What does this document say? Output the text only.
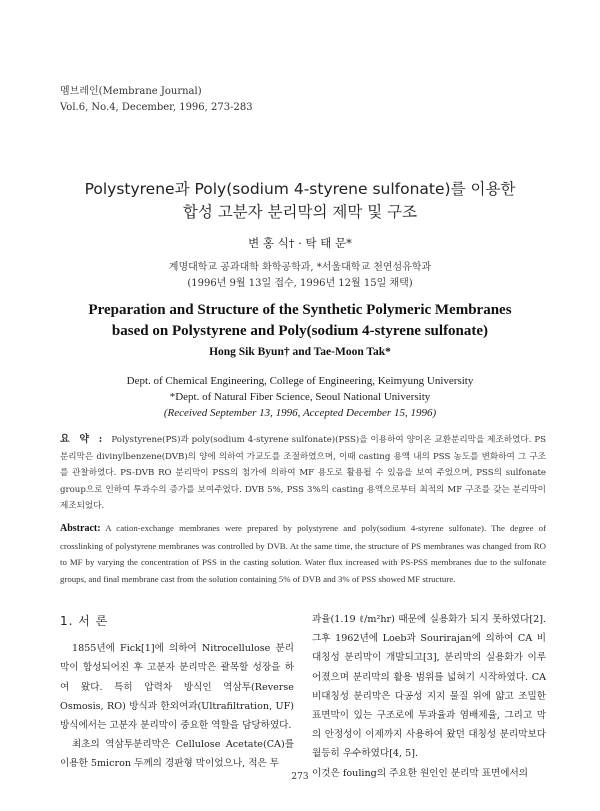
멤브레인(Membrane Journal)
Vol.6, No.4, December, 1996, 273-283
Polystyrene과 Poly(sodium 4-styrene sulfonate)를 이용한
합성 고분자 분리막의 제막 및 구조
변 홍 식† · 탁 태 문*
계명대학교 공과대학 화학공학과, *서울대학교 천연섬유학과
(1996년 9월 13일 접수, 1996년 12월 15일 채택)
Preparation and Structure of the Synthetic Polymeric Membranes
based on Polystyrene and Poly(sodium 4-styrene sulfonate)
Hong Sik Byun† and Tae-Moon Tak*
Dept. of Chemical Engineering, College of Engineering, Keimyung University
*Dept. of Natural Fiber Science, Seoul National University
(Received September 13, 1996, Accepted December 15, 1996)
요 약 : Polystyrene(PS)과 poly(sodium 4-styrene sulfonate)(PSS)을 이용하여 양이온 교환분리막을 제조하였다. PS 분리막은 divinylbenzene(DVB)의 양에 의하여 가교도를 조절하였으며, 이때 casting 용액 내의 PSS 농도를 변화하여 그 구조를 관찰하였다. PS-DVB RO 분리막이 PSS의 첨가에 의하여 MF 용도로 활용될 수 있음을 보여 주었으며, PSS의 sulfonate group으로 인하여 투과수의 증가를 보여주었다. DVB 5%, PSS 3%의 casting 용액으로부터 최적의 MF 구조를 갖는 분리막이 제조되었다.
Abstract: A cation-exchange membranes were prepared by polystyrene and poly(sodium 4-styrene sulfonate). The degree of crosslinking of polystyrene membranes was controlled by DVB. At the same time, the structure of PS membranes was changed from RO to MF by varying the concentration of PSS in the casting solution. Water flux increased with PS-PSS membranes due to the sulfonate groups, and final membrane cast from the solution containing 5% of DVB and 3% of PSS showed MF structure.
1. 서 론

1855년에 Fick[1]에 의하여 Nitrocellulose 분리막이 합성되어진 후 고분자 분리막은 괄목할 성장을 하여 왔다. 특히 압력차 방식인 역삼투(Reverse Osmosis, RO) 방식과 한외여과(Ultrafiltration, UF) 방식에서는 고분자 분리막이 중요한 역할을 담당하였다.

최초의 역삼투분리막은 Cellulose Acetate(CA)를 이용한 5micron 두께의 경판형 막이었으나, 적은 투

과율(1.19 ℓ/m²hr) 때문에 실용화가 되지 못하였다[2]. 그후 1962년에 Loeb과 Sourirajan에 의하여 CA 비대칭성 분리막이 개발되고[3], 분리막의 실용화가 이루어졌으며 분리막의 활용 범위를 넓혀기 시작하였다. CA 비대칭성 분리막은 다공성 지지 물질 위에 얇고 조밀한 표면막이 있는 구조로에 투과율과 염배제율, 그리고 막의 안정성이 이제까지 사용하여 왔던 대칭성 분리막보다 월등히 우수하였다[4, 5].

이것은 fouling의 주요한 원인인 분리막 표면에서의

273
